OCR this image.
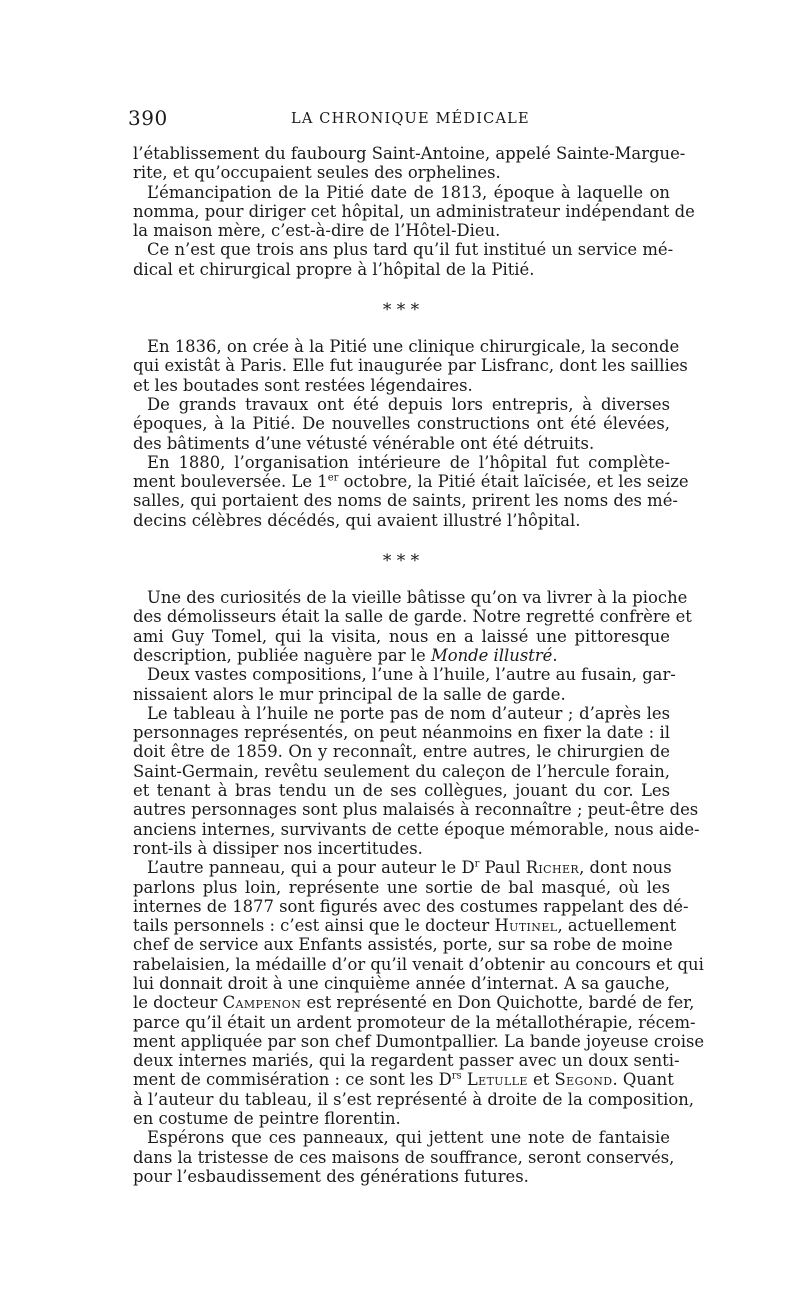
390	LA CHRONIQUE MÉDICALE
l’établissement du faubourg Saint-Antoine, appelé Sainte-Margue-
rite, et qu’occupaient seules des orphelines.
L’émancipation de la Pitié date de 1813, époque à laquelle on
nomma, pour diriger cet hôpital, un administrateur indépendant de
la maison mère, c’est-à-dire de l’Hôtel-Dieu.
Ce n’est que trois ans plus tard qu’il fut institué un service mé-
dical et chirurgical propre à l’hôpital de la Pitié.
* * *
En 1836, on crée à la Pitié une clinique chirurgicale, la seconde
qui existât à Paris. Elle fut inaugurée par Lisfranc, dont les saillies
et les boutades sont restées légendaires.
De grands travaux ont été depuis lors entrepris, à diverses
époques, à la Pitié. De nouvelles constructions ont été élevées,
des bâtiments d’une vétusté vénérable ont été détruits.
En 1880, l’organisation intérieure de l’hôpital fut complète-
ment bouleversée. Le 1er octobre, la Pitié était laïcisée, et les seize
salles, qui portaient des noms de saints, prirent les noms des mé-
decins célèbres décédés, qui avaient illustré l’hôpital.
* * *
Une des curiosités de la vieille bâtisse qu’on va livrer à la pioche
des démolisseurs était la salle de garde. Notre regretté confrère et
ami Guy Tomel, qui la visita, nous en a laissé une pittoresque
description, publiée naguère par le Monde illustré.
Deux vastes compositions, l’une à l’huile, l’autre au fusain, gar-
nissaient alors le mur principal de la salle de garde.
Le tableau à l’huile ne porte pas de nom d’auteur ; d’après les
personnages représentés, on peut néanmoins en fixer la date : il
doit être de 1859. On y reconnaît, entre autres, le chirurgien de
Saint-Germain, revêtu seulement du caleçon de l’hercule forain,
et tenant à bras tendu un de ses collègues, jouant du cor. Les
autres personnages sont plus malaisés à reconnaître ; peut-être des
anciens internes, survivants de cette époque mémorable, nous aide-
ront-ils à dissiper nos incertitudes.
L’autre panneau, qui a pour auteur le $D^r$ Paul Richer, dont nous
parlons plus loin, représente une sortie de bal masqué, où les
internes de 1877 sont figurés avec des costumes rappelant des dé-
tails personnels : c’est ainsi que le docteur Hutinel, actuellement
chef de service aux Enfants assistés, porte, sur sa robe de moine
rabelaisien, la médaille d’or qu’il venait d’obtenir au concours et qui
lui donnait droit à une cinquième année d’internat. A sa gauche,
le docteur Campenon est représenté en Don Quichotte, bardé de fer,
parce qu’il était un ardent promoteur de la métallothérapie, récem-
ment appliquée par son chef Dumontpallier. La bande joyeuse croise
deux internes mariés, qui la regardent passer avec un doux senti-
ment de commisération : ce sont les $D^{rs}$ Letulle et Segond. Quant
à l’auteur du tableau, il s’est représenté à droite de la composition,
en costume de peintre florentin.
Espérons que ces panneaux, qui jettent une note de fantaisie
dans la tristesse de ces maisons de souffrance, seront conservés,
pour l’esbaudissement des générations futures.
